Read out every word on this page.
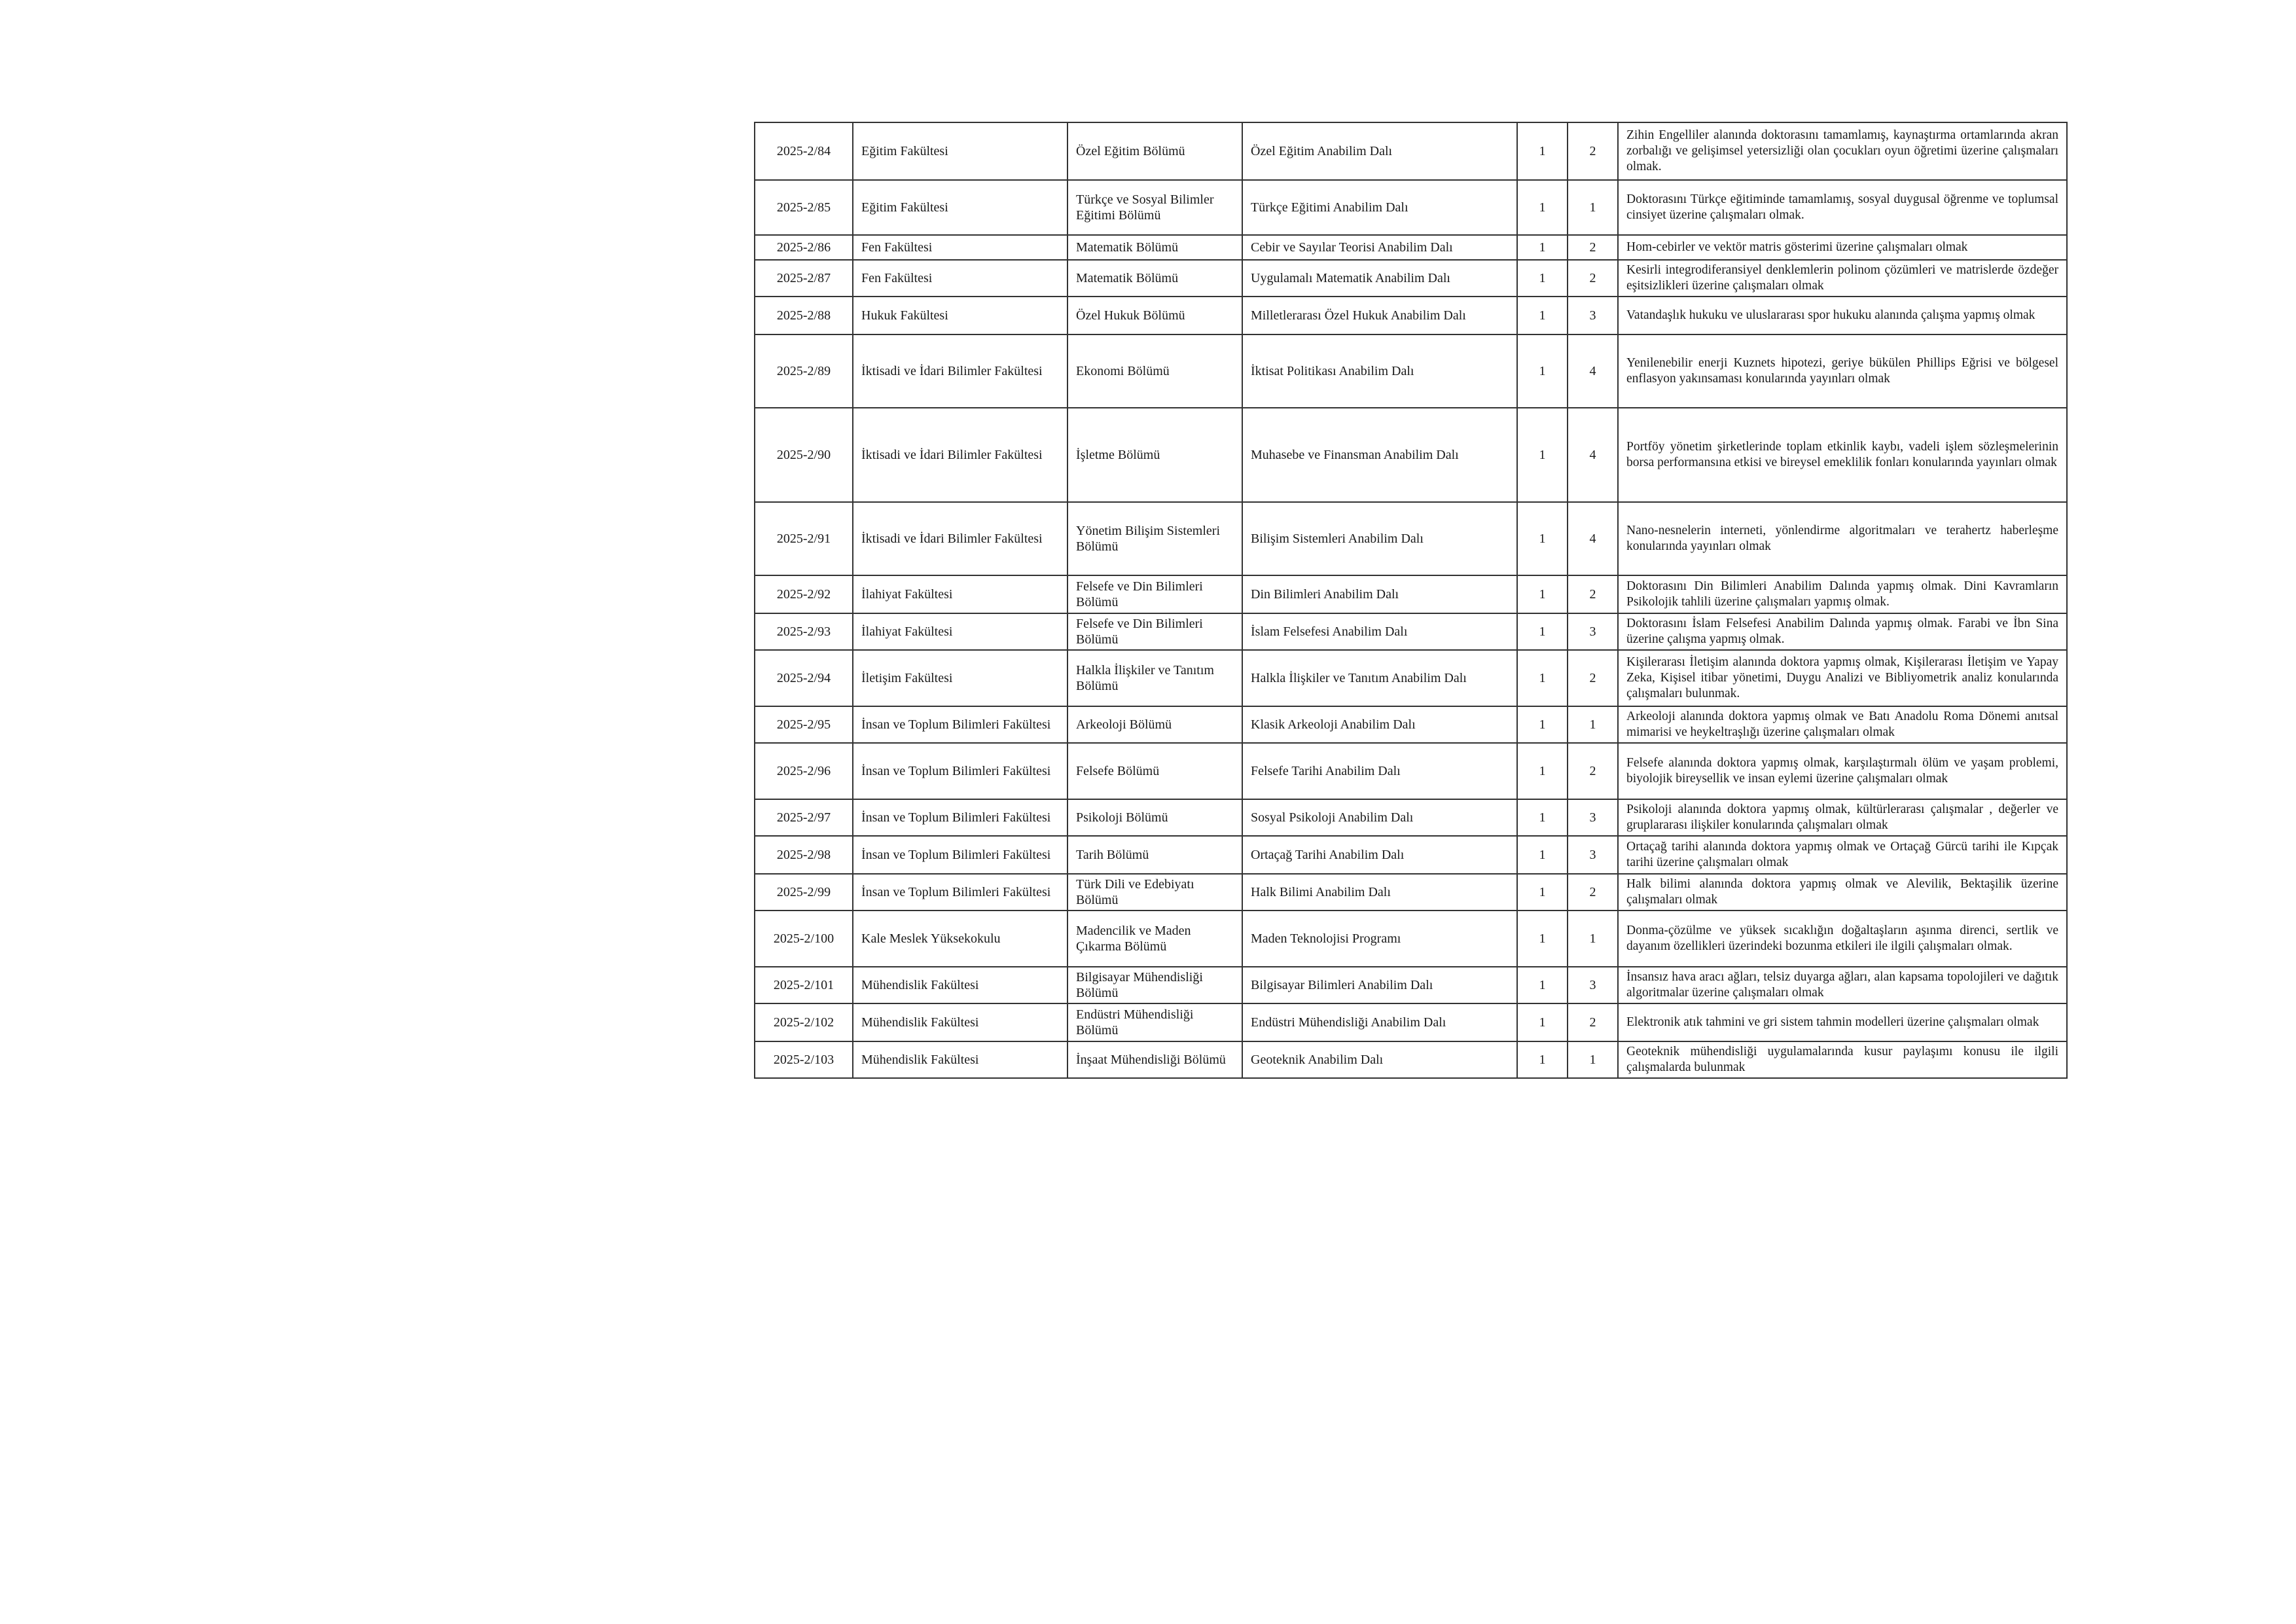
2025-2/84	Eğitim Fakültesi	Özel Eğitim Bölümü	Özel Eğitim Anabilim Dalı	1	2	Zihin Engelliler alanında doktorasını tamamlamış, kaynaştırma ortamlarında akran zorbalığı ve gelişimsel yetersizliği olan çocukları oyun öğretimi üzerine çalışmaları olmak.
2025-2/85	Eğitim Fakültesi	Türkçe ve Sosyal Bilimler Eğitimi Bölümü	Türkçe Eğitimi Anabilim Dalı	1	1	Doktorasını Türkçe eğitiminde tamamlamış, sosyal duygusal öğrenme ve toplumsal cinsiyet üzerine çalışmaları olmak.
2025-2/86	Fen Fakültesi	Matematik Bölümü	Cebir ve Sayılar Teorisi Anabilim Dalı	1	2	Hom-cebirler ve vektör matris gösterimi üzerine çalışmaları olmak
2025-2/87	Fen Fakültesi	Matematik Bölümü	Uygulamalı Matematik Anabilim Dalı	1	2	Kesirli integrodiferansiyel denklemlerin polinom çözümleri ve matrislerde özdeğer eşitsizlikleri üzerine çalışmaları olmak
2025-2/88	Hukuk Fakültesi	Özel Hukuk Bölümü	Milletlerarası Özel Hukuk Anabilim Dalı	1	3	Vatandaşlık hukuku ve uluslararası spor hukuku alanında çalışma yapmış olmak
2025-2/89	İktisadi ve İdari Bilimler Fakültesi	Ekonomi Bölümü	İktisat Politikası Anabilim Dalı	1	4	Yenilenebilir enerji Kuznets hipotezi, geriye bükülen Phillips Eğrisi ve bölgesel enflasyon yakınsaması konularında yayınları olmak
2025-2/90	İktisadi ve İdari Bilimler Fakültesi	İşletme Bölümü	Muhasebe ve Finansman Anabilim Dalı	1	4	Portföy yönetim şirketlerinde toplam etkinlik kaybı, vadeli işlem sözleşmelerinin borsa performansına etkisi ve bireysel emeklilik fonları konularında yayınları olmak
2025-2/91	İktisadi ve İdari Bilimler Fakültesi	Yönetim Bilişim Sistemleri Bölümü	Bilişim Sistemleri Anabilim Dalı	1	4	Nano-nesnelerin interneti, yönlendirme algoritmaları ve terahertz haberleşme konularında yayınları olmak
2025-2/92	İlahiyat Fakültesi	Felsefe ve Din Bilimleri Bölümü	Din Bilimleri Anabilim Dalı	1	2	Doktorasını Din Bilimleri Anabilim Dalında yapmış olmak. Dini Kavramların Psikolojik tahlili üzerine çalışmaları yapmış olmak.
2025-2/93	İlahiyat Fakültesi	Felsefe ve Din Bilimleri Bölümü	İslam Felsefesi Anabilim Dalı	1	3	Doktorasını İslam Felsefesi Anabilim Dalında yapmış olmak. Farabi ve İbn Sina üzerine çalışma yapmış olmak.
2025-2/94	İletişim Fakültesi	Halkla İlişkiler ve Tanıtım Bölümü	Halkla İlişkiler ve Tanıtım Anabilim Dalı	1	2	Kişilerarası İletişim alanında doktora yapmış olmak, Kişilerarası İletişim ve Yapay Zeka, Kişisel itibar yönetimi, Duygu Analizi ve Bibliyometrik analiz konularında çalışmaları bulunmak.
2025-2/95	İnsan ve Toplum Bilimleri Fakültesi	Arkeoloji Bölümü	Klasik Arkeoloji Anabilim Dalı	1	1	Arkeoloji alanında doktora yapmış olmak ve Batı Anadolu Roma Dönemi anıtsal mimarisi ve heykeltraşlığı üzerine çalışmaları olmak
2025-2/96	İnsan ve Toplum Bilimleri Fakültesi	Felsefe Bölümü	Felsefe Tarihi Anabilim Dalı	1	2	Felsefe alanında doktora yapmış olmak, karşılaştırmalı ölüm ve yaşam problemi, biyolojik bireysellik ve insan eylemi üzerine çalışmaları olmak
2025-2/97	İnsan ve Toplum Bilimleri Fakültesi	Psikoloji Bölümü	Sosyal Psikoloji Anabilim Dalı	1	3	Psikoloji alanında doktora yapmış olmak, kültürlerarası çalışmalar , değerler ve gruplararası ilişkiler konularında çalışmaları olmak
2025-2/98	İnsan ve Toplum Bilimleri Fakültesi	Tarih Bölümü	Ortaçağ Tarihi Anabilim Dalı	1	3	Ortaçağ tarihi alanında doktora yapmış olmak ve Ortaçağ Gürcü tarihi ile Kıpçak tarihi üzerine çalışmaları olmak
2025-2/99	İnsan ve Toplum Bilimleri Fakültesi	Türk Dili ve Edebiyatı Bölümü	Halk Bilimi Anabilim Dalı	1	2	Halk bilimi alanında doktora yapmış olmak ve Alevilik, Bektaşilik üzerine çalışmaları olmak
2025-2/100	Kale Meslek Yüksekokulu	Madencilik ve Maden Çıkarma Bölümü	Maden Teknolojisi Programı	1	1	Donma-çözülme ve yüksek sıcaklığın doğaltaşların aşınma direnci, sertlik ve dayanım özellikleri üzerindeki bozunma etkileri ile ilgili çalışmaları olmak.
2025-2/101	Mühendislik Fakültesi	Bilgisayar Mühendisliği Bölümü	Bilgisayar Bilimleri Anabilim Dalı	1	3	İnsansız hava aracı ağları, telsiz duyarga ağları, alan kapsama topolojileri ve dağıtık algoritmalar üzerine çalışmaları olmak
2025-2/102	Mühendislik Fakültesi	Endüstri Mühendisliği Bölümü	Endüstri Mühendisliği Anabilim Dalı	1	2	Elektronik atık tahmini ve gri sistem tahmin modelleri üzerine çalışmaları olmak
2025-2/103	Mühendislik Fakültesi	İnşaat Mühendisliği Bölümü	Geoteknik Anabilim Dalı	1	1	Geoteknik mühendisliği uygulamalarında kusur paylaşımı konusu ile ilgili çalışmalarda bulunmak
